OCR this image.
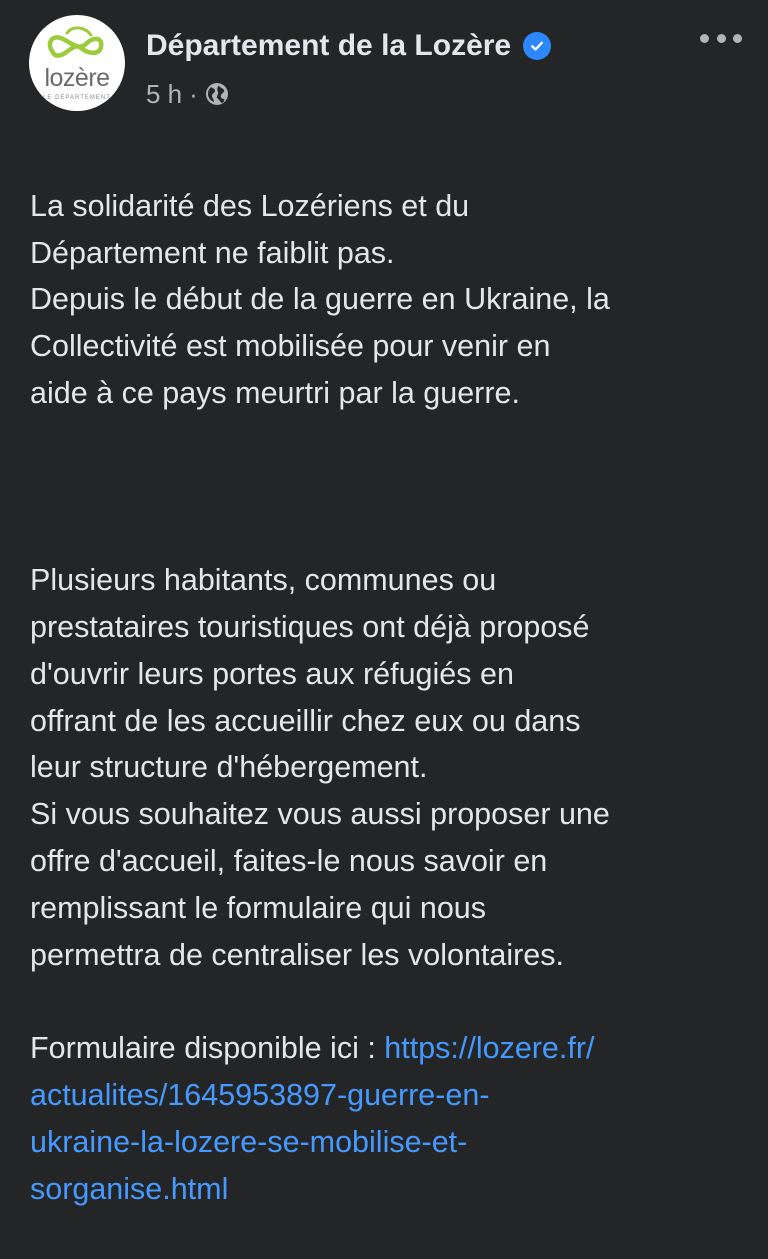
lozère
LE DÉPARTEMENT
Département de la Lozère
5 h ·

La solidarité des Lozériens et du
Département ne faiblit pas.
Depuis le début de la guerre en Ukraine, la
Collectivité est mobilisée pour venir en
aide à ce pays meurtri par la guerre.

Plusieurs habitants, communes ou
prestataires touristiques ont déjà proposé
d'ouvrir leurs portes aux réfugiés en
offrant de les accueillir chez eux ou dans
leur structure d'hébergement.
Si vous souhaitez vous aussi proposer une
offre d'accueil, faites-le nous savoir en
remplissant le formulaire qui nous
permettra de centraliser les volontaires.

Formulaire disponible ici : https://lozere.fr/
actualites/1645953897-guerre-en-
ukraine-la-lozere-se-mobilise-et-
sorganise.html
